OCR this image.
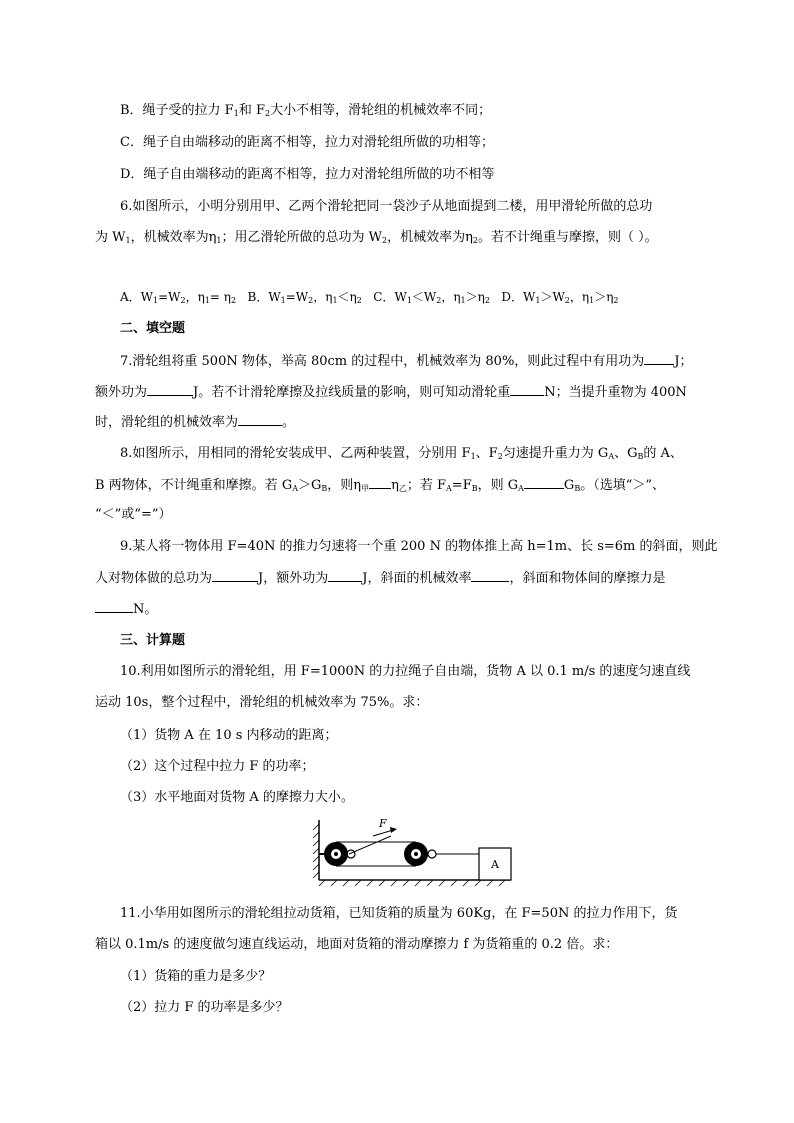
B．绳子受的拉力 $F_1$和 $F_2$大小不相等，滑轮组的机械效率不同；
C．绳子自由端移动的距离不相等，拉力对滑轮组所做的功相等；
D．绳子自由端移动的距离不相等，拉力对滑轮组所做的功不相等
6.如图所示，小明分别用甲、乙两个滑轮把同一袋沙子从地面提到二楼，用甲滑轮所做的总功
为 $W_1$，机械效率为$\eta_1$；用乙滑轮所做的总功为 $W_2$，机械效率为$\eta_2$。若不计绳重与摩擦，则（ ）。
A．$W_1=W_2$，$\eta_1= \eta_2$ B．$W_1=W_2$，$\eta_1<\eta_2$ C．$W_1<W_2$，$\eta_1>\eta_2$ D．$W_1>W_2$，$\eta_1>\eta_2$
二、填空题
7.滑轮组将重 500N 物体，举高 80cm 的过程中，机械效率为 80%，则此过程中有用功为 J；
额外功为	J。若不计滑轮摩擦及拉线质量的影响，则可知动滑轮重	N；当提升重物为 400N
时，滑轮组的机械效率为	。
8.如图所示，用相同的滑轮安装成甲、乙两种装置，分别用 $F_1$、$F_2$匀速提升重力为 $G_A$、$G_B$的 A、
B 两物体，不计绳重和摩擦。若 $G_A>G_B$，则$\eta_甲$ $\eta_乙$；若 $F_A=F_B$，则 $G_A$	$G_B$。（选填“＞”、
“＜”或“=”）
9.某人将一物体用 F=40N 的推力匀速将一个重 200 N 的物体推上高 h=1m、长 s=6m 的斜面，则此
人对物体做的总功为	J，额外功为	J，斜面的机械效率	，斜面和物体间的摩擦力是
N。
三、计算题
10.利用如图所示的滑轮组，用 F=1000N 的力拉绳子自由端，货物 A 以 0.1 m/s 的速度匀速直线
运动 10s，整个过程中，滑轮组的机械效率为 75%。求：
（1）货物 A 在 10 s 内移动的距离；
（2）这个过程中拉力 F 的功率；
（3）水平地面对货物 A 的摩擦力大小。
F
A
11.小华用如图所示的滑轮组拉动货箱，已知货箱的质量为 60Kg，在 F=50N 的拉力作用下，货
箱以 0.1m/s 的速度做匀速直线运动，地面对货箱的滑动摩擦力 f 为货箱重的 0.2 倍。求：
（1）货箱的重力是多少？
（2）拉力 F 的功率是多少？
